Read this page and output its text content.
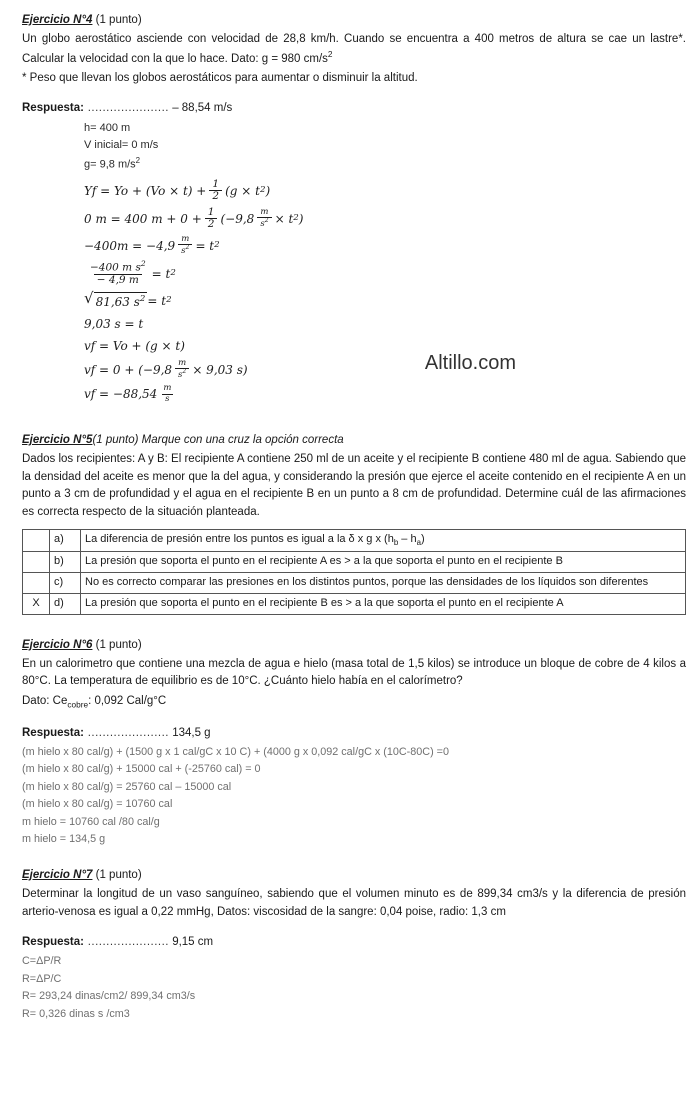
Altillo.com
Ejercicio N°4 (1 punto)

Un globo aerostático asciende con velocidad de 28,8 km/h. Cuando se encuentra a 400 metros de altura se cae un lastre*. Calcular la velocidad con la que lo hace. Dato: g = 980 $cm/s^2$

* Peso que llevan los globos aerostáticos para aumentar o disminuir la altitud.

Respuesta: ...................... – 88,54 m/s
h= 400 m
V inicial= 0 m/s
g= 9,8 $m/s^2$
$Yf = Yo + (Vo \times t) + \frac{1}{2} (g \times t$ 2 )
0 m = 400 $m + 0 + \frac{1}{2} (-9,8 \frac{m}{s^2} \times t$ 2 )
$-400m = -4,9 \frac{m}{s^2} = t$ 2
$\frac{-400 m s^2}{- 4,9 m} = t$ 2
√ 81,63 $s^2 = t$ 2
9,03 s = t
vf = Vo + (g × t)
vf = $0 + (-9,8 \frac{m}{s^2} \times 9,03$ s)
vf = $-88,54 \frac{m}{s}$
Ejercicio N°5(1 punto) Marque con una cruz la opción correcta

Dados los recipientes: A y B: El recipiente A contiene 250 ml de un aceite y el recipiente B contiene 480 ml de agua. Sabiendo que la densidad del aceite es menor que la del agua, y considerando la presión que ejerce el aceite contenido en el recipiente A en un punto a 3 cm de profundidad y el agua en el recipiente B en un punto a 8 cm de profundidad. Determine cuál de las afirmaciones es correcta respecto de la situación planteada.

	a)	La diferencia de presión entre los puntos es igual a la δ x g x $(h_b - h_a)$
	b)	La presión que soporta el punto en el recipiente A es > a la que soporta el punto en el recipiente B
	c)	No es correcto comparar las presiones en los distintos puntos, porque las densidades de los líquidos son diferentes
X	d)	La presión que soporta el punto en el recipiente B es > a la que soporta el punto en el recipiente A
Ejercicio N°6 (1 punto)

En un calorimetro que contiene una mezcla de agua e hielo (masa total de 1,5 kilos) se introduce un bloque de cobre de 4 kilos a 80°C. La temperatura de equilibrio es de 10°C. ¿Cuánto hielo había en el calorímetro?

Dato: $Ce_{cobre}$: 0,092 Cal/g°C

Respuesta: ...................... 134,5 g
(m hielo x 80 cal/g) + (1500 g x 1 cal/gC x 10 C) + (4000 g x 0,092 cal/gC x (10C-80C) =0
(m hielo x 80 cal/g) + 15000 cal + (-25760 cal) = 0
(m hielo x 80 cal/g) = 25760 cal – 15000 cal
(m hielo x 80 cal/g) = 10760 cal
m hielo = 10760 cal /80 cal/g
m hielo = 134,5 g
Ejercicio N°7 (1 punto)

Determinar la longitud de un vaso sanguíneo, sabiendo que el volumen minuto es de 899,34 cm3/s y la diferencia de presión arterio-venosa es igual a 0,22 mmHg, Datos: viscosidad de la sangre: 0,04 poise, radio: 1,3 cm

Respuesta: ...................... 9,15 cm
C=ΔP/R
R=ΔP/C
R= 293,24 dinas/cm2/ 899,34 cm3/s
R= 0,326 dinas s /cm3
